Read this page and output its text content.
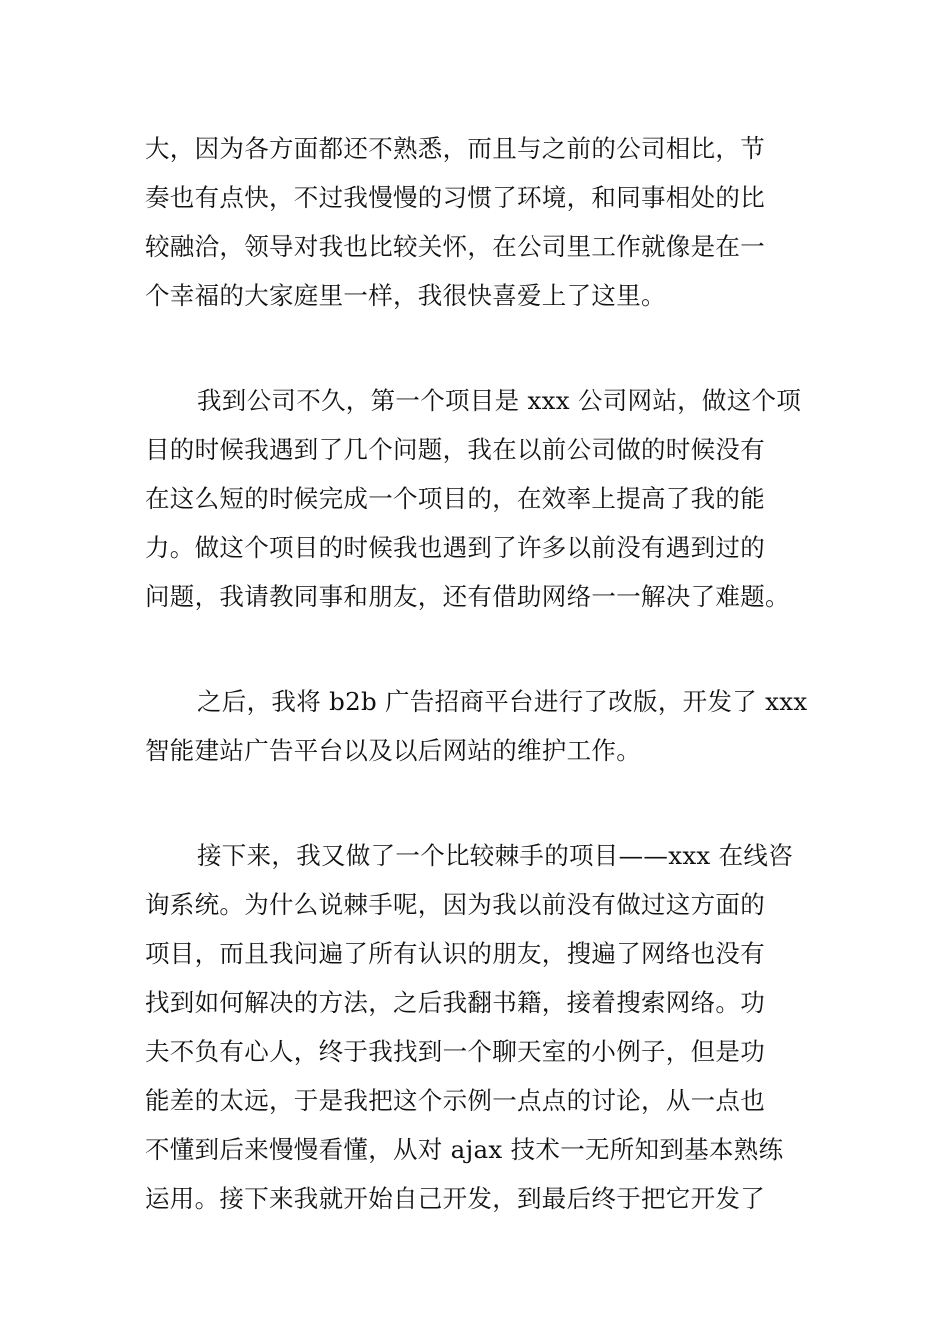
大，因为各方面都还不熟悉，而且与之前的公司相比，节
奏也有点快，不过我慢慢的习惯了环境，和同事相处的比
较融洽，领导对我也比较关怀，在公司里工作就像是在一
个幸福的大家庭里一样，我很快喜爱上了这里。
我到公司不久，第一个项目是 xxx 公司网站，做这个项
目的时候我遇到了几个问题，我在以前公司做的时候没有
在这么短的时候完成一个项目的，在效率上提高了我的能
力。做这个项目的时候我也遇到了许多以前没有遇到过的
问题，我请教同事和朋友，还有借助网络一一解决了难题。
之后，我将 b2b 广告招商平台进行了改版，开发了 xxx
智能建站广告平台以及以后网站的维护工作。
接下来，我又做了一个比较棘手的项目——xxx 在线咨
询系统。为什么说棘手呢，因为我以前没有做过这方面的
项目，而且我问遍了所有认识的朋友，搜遍了网络也没有
找到如何解决的方法，之后我翻书籍，接着搜索网络。功
夫不负有心人，终于我找到一个聊天室的小例子，但是功
能差的太远，于是我把这个示例一点点的讨论，从一点也
不懂到后来慢慢看懂，从对 ajax 技术一无所知到基本熟练
运用。接下来我就开始自己开发，到最后终于把它开发了
